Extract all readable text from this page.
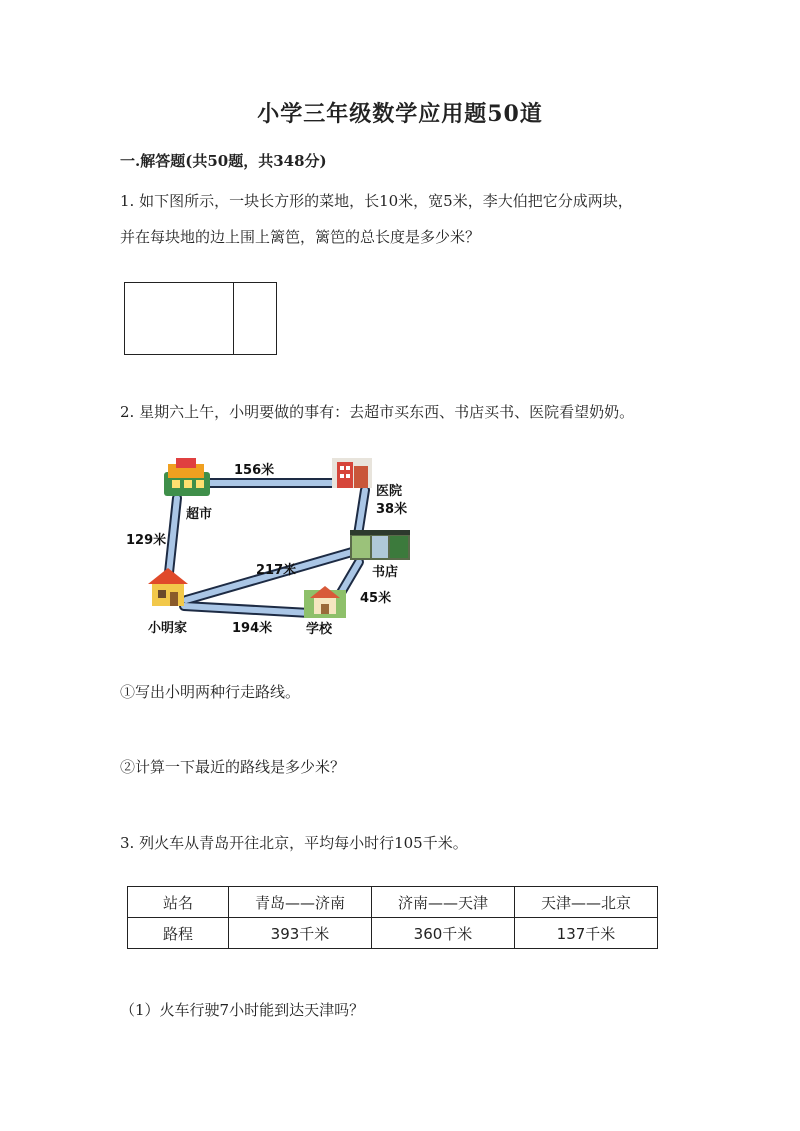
小学三年级数学应用题50道
一.解答题(共50题，共348分)
1. 如下图所示，一块长方形的菜地，长10米，宽5米，李大伯把它分成两块，
并在每块地的边上围上篱笆，篱笆的总长度是多少米？
2. 星期六上午，小明要做的事有：去超市买东西、书店买书、医院看望奶奶。
超市
医院
书店
小明家	学校
156米
38米
129米
217米
45米
194米
①写出小明两种行走路线。
②计算一下最近的路线是多少米？
3. 列火车从青岛开往北京，平均每小时行105千米。
站名	青岛——济南	济南——天津	天津——北京
路程	393千米	360千米	137千米
（1）火车行驶7小时能到达天津吗？
